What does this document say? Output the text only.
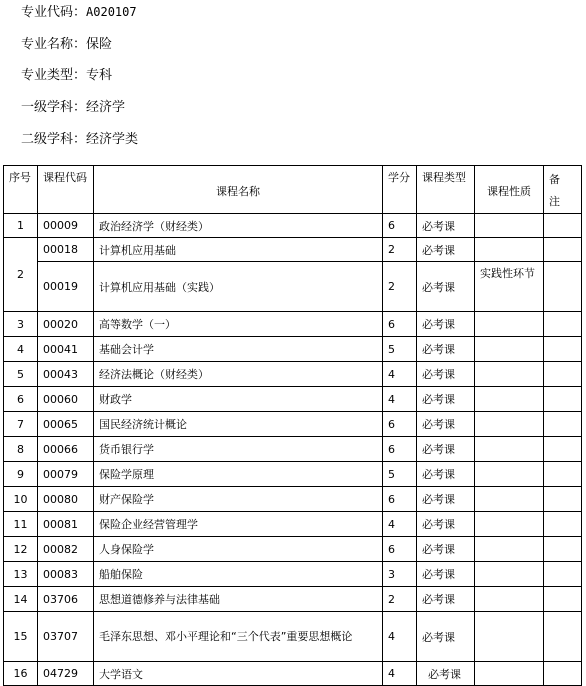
专业代码：A020107
专业名称：保险
专业类型：专科
一级学科：经济学
二级学科：经济学类
序号	课程代码	课程名称	学分	课程类型	课程性质	备
注
1	00009	政治经济学（财经类）	6	必考课		
2	00018	计算机应用基础	2	必考课		
	00019	计算机应用基础（实践）	2	必考课	实践性环节	
3	00020	高等数学（一）	6	必考课		
4	00041	基础会计学	5	必考课		
5	00043	经济法概论（财经类）	4	必考课		
6	00060	财政学	4	必考课		
7	00065	国民经济统计概论	6	必考课		
8	00066	货币银行学	6	必考课		
9	00079	保险学原理	5	必考课		
10	00080	财产保险学	6	必考课		
11	00081	保险企业经营管理学	4	必考课		
12	00082	人身保险学	6	必考课		
13	00083	船舶保险	3	必考课		
14	03706	思想道德修养与法律基础	2	必考课		
15	03707	毛泽东思想、邓小平理论和“三个代表”重要思想概论	4	必考课		
16	04729	大学语文	4	必考课		
